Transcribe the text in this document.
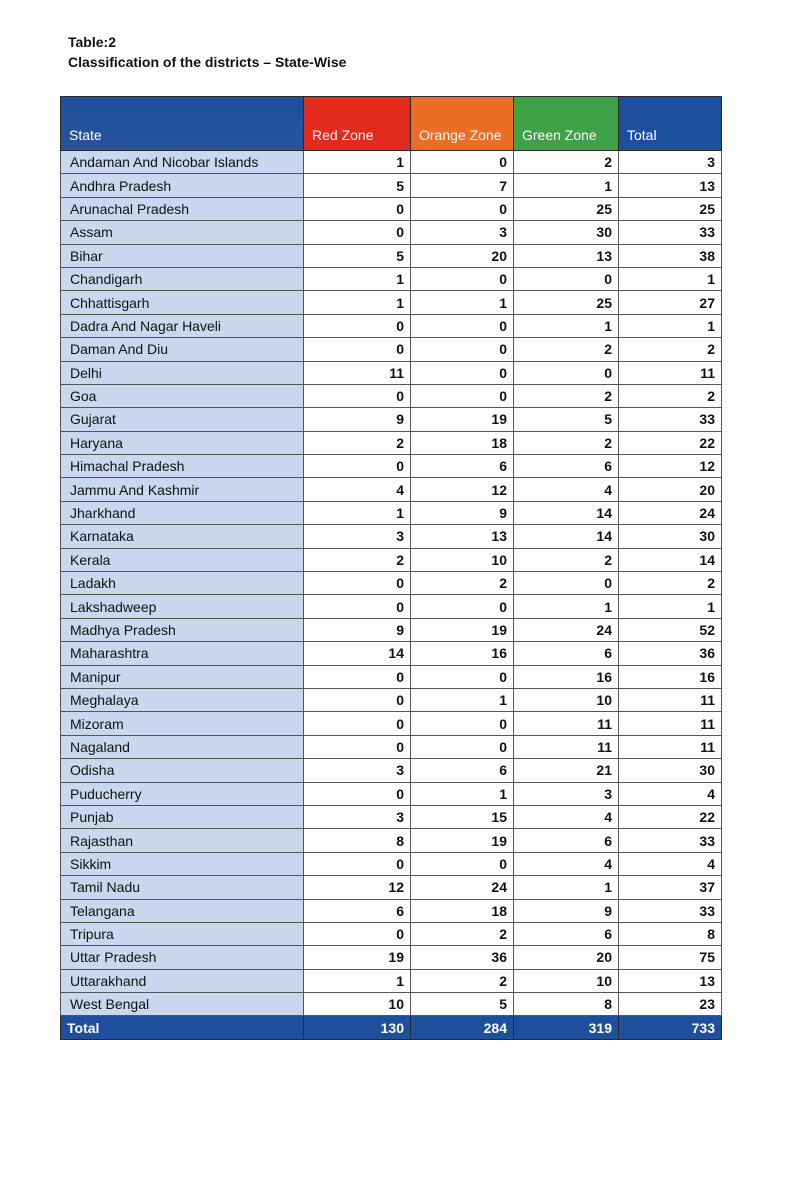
Table:2
Classification of the districts – State-Wise
State	Red Zone	Orange Zone	Green Zone	Total
Andaman And Nicobar Islands	1	0	2	3
Andhra Pradesh	5	7	1	13
Arunachal Pradesh	0	0	25	25
Assam	0	3	30	33
Bihar	5	20	13	38
Chandigarh	1	0	0	1
Chhattisgarh	1	1	25	27
Dadra And Nagar Haveli	0	0	1	1
Daman And Diu	0	0	2	2
Delhi	11	0	0	11
Goa	0	0	2	2
Gujarat	9	19	5	33
Haryana	2	18	2	22
Himachal Pradesh	0	6	6	12
Jammu And Kashmir	4	12	4	20
Jharkhand	1	9	14	24
Karnataka	3	13	14	30
Kerala	2	10	2	14
Ladakh	0	2	0	2
Lakshadweep	0	0	1	1
Madhya Pradesh	9	19	24	52
Maharashtra	14	16	6	36
Manipur	0	0	16	16
Meghalaya	0	1	10	11
Mizoram	0	0	11	11
Nagaland	0	0	11	11
Odisha	3	6	21	30
Puducherry	0	1	3	4
Punjab	3	15	4	22
Rajasthan	8	19	6	33
Sikkim	0	0	4	4
Tamil Nadu	12	24	1	37
Telangana	6	18	9	33
Tripura	0	2	6	8
Uttar Pradesh	19	36	20	75
Uttarakhand	1	2	10	13
West Bengal	10	5	8	23
Total	130	284	319	733
